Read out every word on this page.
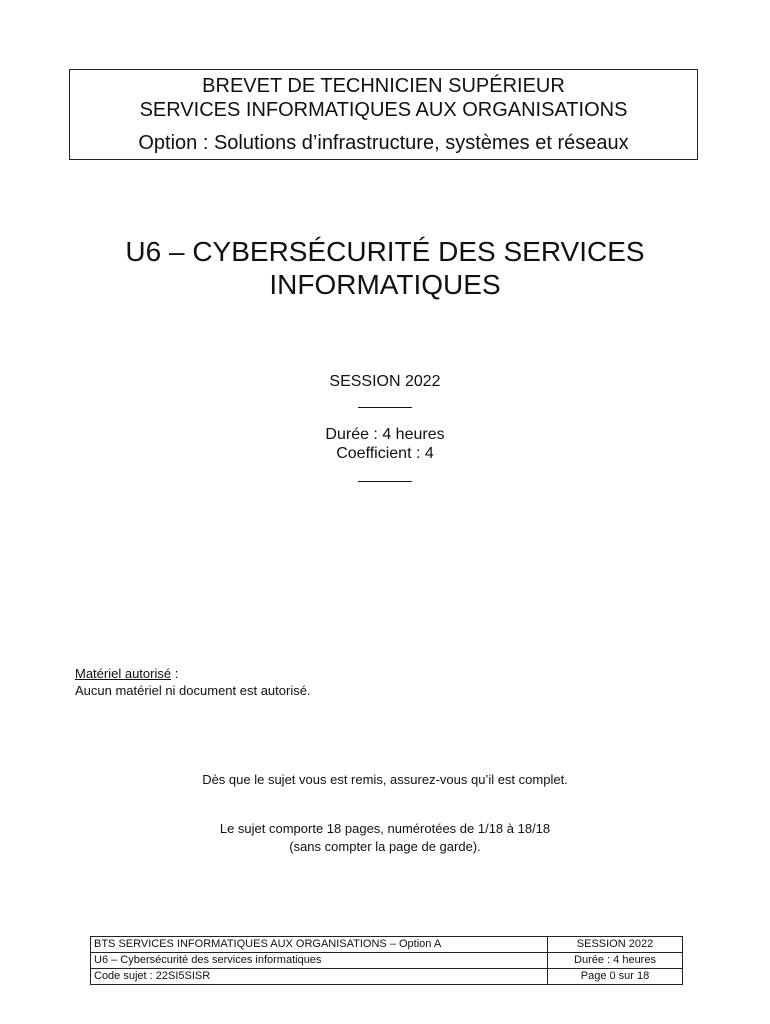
BREVET DE TECHNICIEN SUPÉRIEUR
SERVICES INFORMATIQUES AUX ORGANISATIONS
Option : Solutions d’infrastructure, systèmes et réseaux
U6 – CYBERSÉCURITÉ DES SERVICES
INFORMATIQUES
SESSION 2022
______
Durée : 4 heures
Coefficient : 4
______
Matériel autorisé :
Aucun matériel ni document est autorisé.
Dès que le sujet vous est remis, assurez-vous qu’il est complet.
Le sujet comporte 18 pages, numérotées de 1/18 à 18/18
(sans compter la page de garde).
BTS SERVICES INFORMATIQUES AUX ORGANISATIONS – Option A	SESSION 2022
U6 – Cybersécurité des services informatiques	Durée : 4 heures
Code sujet : 22SI5SISR	Page 0 sur 18
